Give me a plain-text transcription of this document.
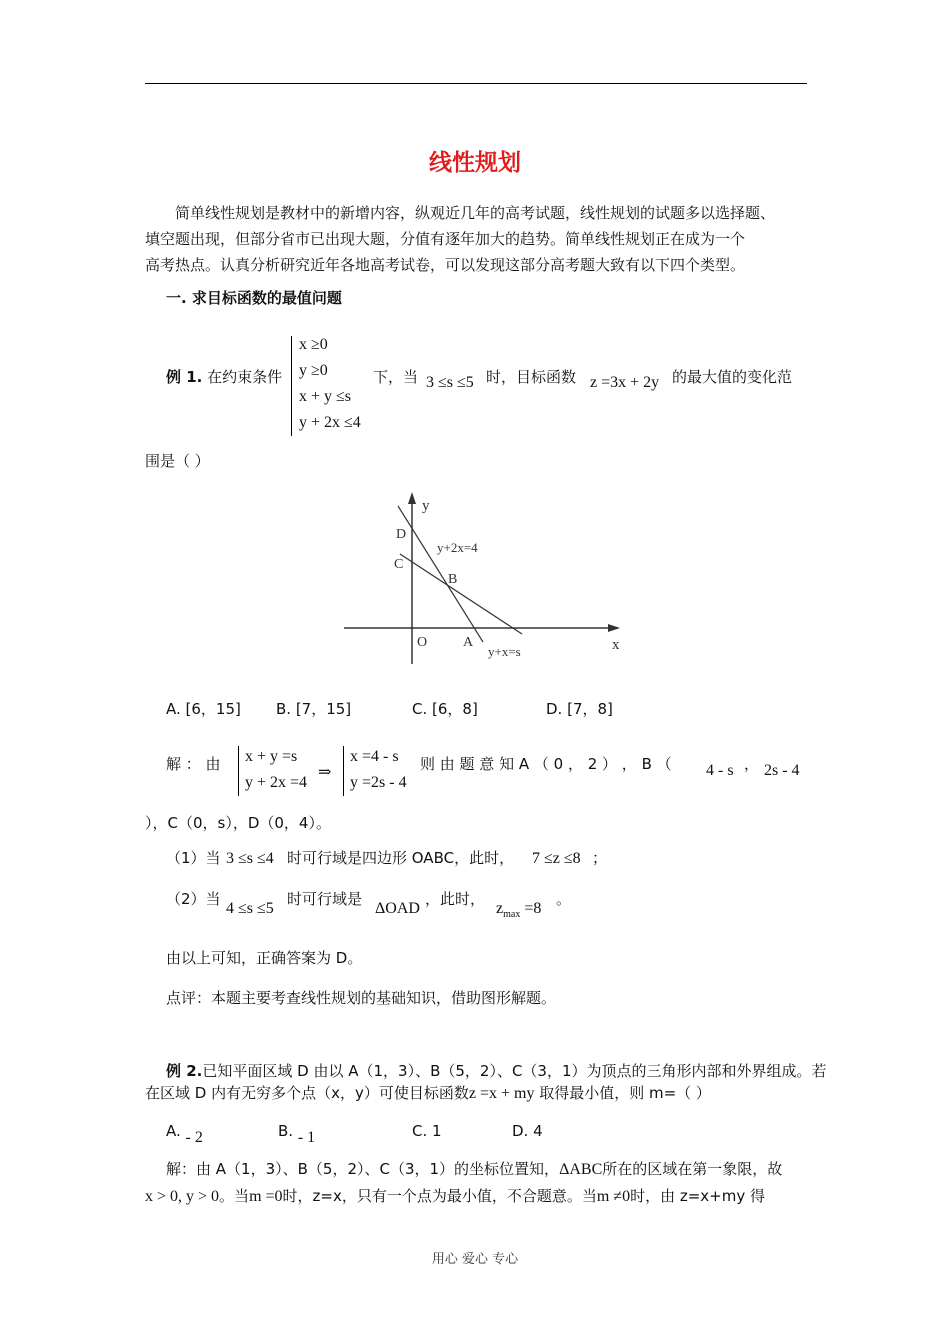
线性规划
简单线性规划是教材中的新增内容，纵观近几年的高考试题，线性规划的试题多以选择题、
填空题出现，但部分省市已出现大题，分值有逐年加大的趋势。简单线性规划正在成为一个
高考热点。认真分析研究近年各地高考试卷，可以发现这部分高考题大致有以下四个类型。
一. 求目标函数的最值问题
例 1. 在约束条件
x ≥0
y ≥0
x + y ≤s
y + 2x ≤4
下，当 3 ≤s ≤5 时，目标函数 z =3x + 2y 的最大值的变化范
围是（ ）
y
x
O	A
B
C
D
y+2x=4
y+x=s
A. [6，15] B. [7，15]	C. [6，8]	D. [7，8]
解 ： 由 x + y =s
y + 2x =4
⇒
x =4 - s
y =2s - 4
则 由 题 意 知 A （ 0 ， 2 ） ， B （ 4 - s ， 2s - 4
），C（0，s），D（0，4）。
（1）当 3 ≤s ≤4 时可行域是四边形 OABC，此时， 7 ≤z ≤8 ；
（2）当
4 ≤s ≤5
时可行域是
ΔOAD
，此时，
$z_{max} =8$
。
由以上可知，正确答案为 D。
点评：本题主要考查线性规划的基础知识，借助图形解题。
例 2.已知平面区域 D 由以 A（1，3）、B（5，2）、C（3，1）为顶点的三角形内部和外界组成。若
在区域 D 内有无穷多个点（x，y）可使目标函数z =x + my 取得最小值，则 m=（ ）
A. - 2	B. - 1	C. 1	D. 4
解：由 A（1，3）、B（5，2）、C（3，1）的坐标位置知，ΔABC所在的区域在第一象限，故
x > 0, y > 0。当m =0时，z=x，只有一个点为最小值，不合题意。当m ≠0时，由 z=x+my 得
用心 爱心 专心
